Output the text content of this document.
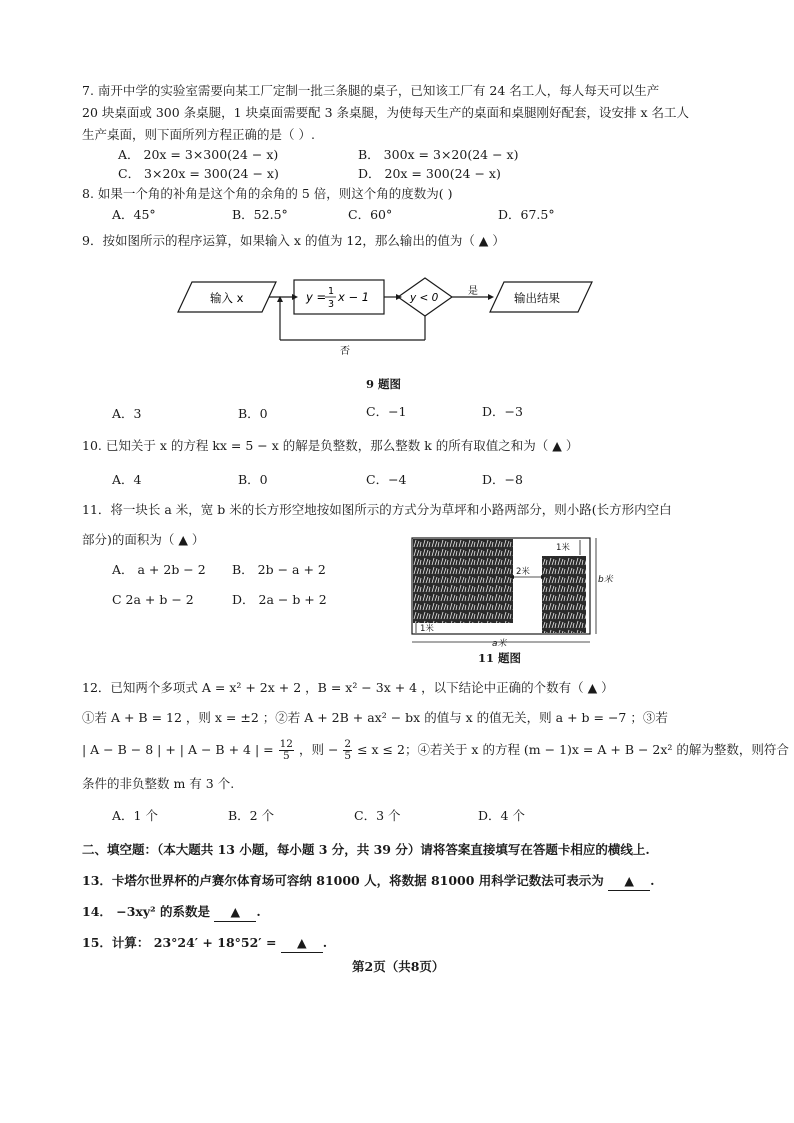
7. 南开中学的实验室需要向某工厂定制一批三条腿的桌子，已知该工厂有 24 名工人，每人每天可以生产
20 块桌面或 300 条桌腿，1 块桌面需要配 3 条桌腿，为使每天生产的桌面和桌腿刚好配套，设安排 x 名工人
生产桌面，则下面所列方程正确的是（ ）.
A． 20x = 3×300(24 − x)	B． 300x = 3×20(24 − x)
C． 3×20x = 300(24 − x)	D． 20x = 300(24 − x)
8. 如果一个角的补角是这个角的余角的 5 倍，则这个角的度数为( )
A．45°	B．52.5°	C．60°	D．67.5°
9．按如图所示的程序运算，如果输入 x 的值为 12，那么输出的值为（ ▲ ）
输入 x	y = 1
3
x − 1	y < 0
是	输出结果
否
9 题图
A．3	B．0	C．−1	D．−3
10. 已知关于 x 的方程 kx = 5 − x 的解是负整数，那么整数 k 的所有取值之和为（ ▲ ）
A．4	B．0	C．−4	D．−8
11．将一块长 a 米，宽 b 米的长方形空地按如图所示的方式分为草坪和小路两部分，则小路(长方形内空白
部分)的面积为（ ▲ ）
A． a + 2b − 2 B． 2b − a + 2
C 2a + b − 2	D． 2a − b + 2
1米
2米
b米
1米
a米
11 题图
12．已知两个多项式 A = x² + 2x + 2 ，B = x² − 3x + 4 ，以下结论中正确的个数有（ ▲ ）
①若 A + B = 12 ，则 x = ±2 ；②若 A + 2B + ax² − bx 的值与 x 的值无关，则 a + b = −7 ；③若
| A − B − 8 | + | A − B + 4 | = $\frac{12}{5}$ ，则 − $\frac{2}{5} \le x \le 2$；④若关于 x 的方程 (m − 1)x = A + B − 2x² 的解为整数，则符合
条件的非负整数 m 有 3 个.
A．1 个	B．2 个	C．3 个	D．4 个
二、填空题：（本大题共 13 小题，每小题 3 分，共 39 分）请将答案直接填写在答题卡相应的横线上.
13．卡塔尔世界杯的卢赛尔体育场可容纳 81000 人，将数据 81000 用科学记数法可表示为 ▲ .
14． −3xy² 的系数是 ▲ .
15．计算： 23°24′ + 18°52′ = ▲ .
第2页（共8页）
